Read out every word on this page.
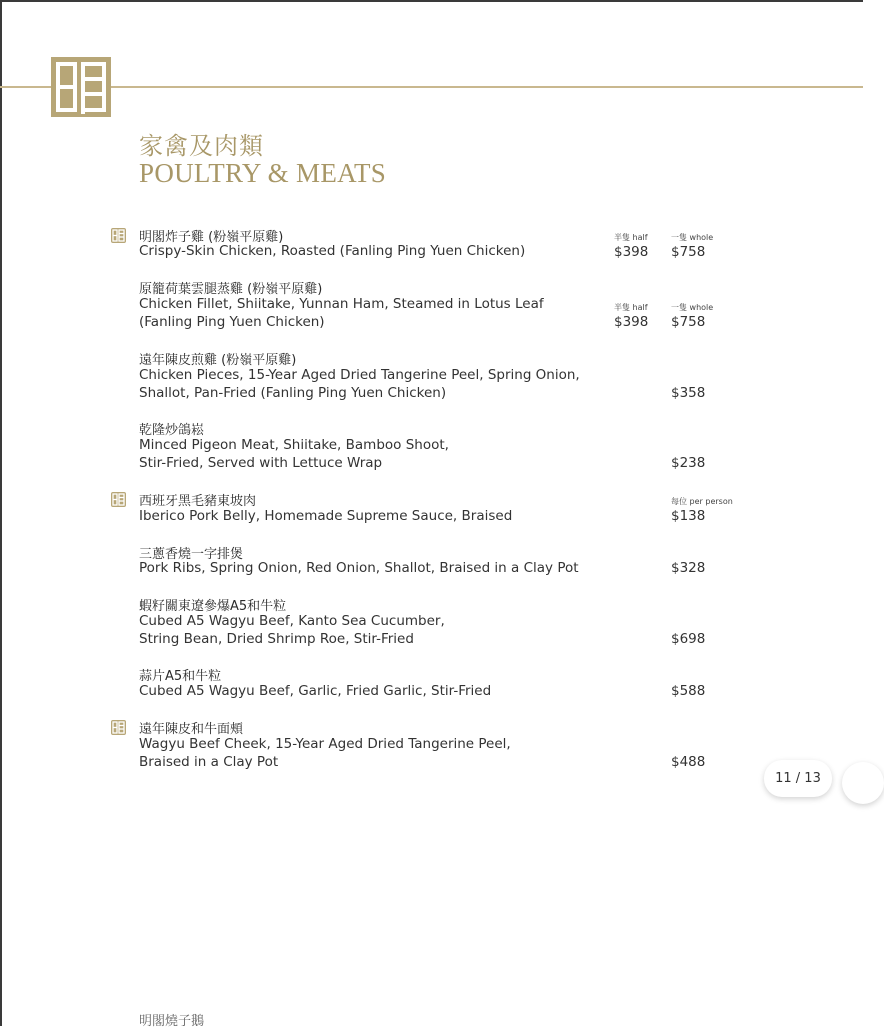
家禽及肉類
POULTRY & MEATS
明閣炸子雞 (粉嶺平原雞)
Crispy-Skin Chicken, Roasted (Fanling Ping Yuen Chicken)
半隻 half
$398
一隻 whole
$758
原籠荷葉雲腿蒸雞 (粉嶺平原雞)
Chicken Fillet, Shiitake, Yunnan Ham, Steamed in Lotus Leaf
(Fanling Ping Yuen Chicken)
半隻 half
$398
一隻 whole
$758
遠年陳皮煎雞 (粉嶺平原雞)
Chicken Pieces, 15-Year Aged Dried Tangerine Peel, Spring Onion,
Shallot, Pan-Fried (Fanling Ping Yuen Chicken)	$358
乾隆炒鴿崧
Minced Pigeon Meat, Shiitake, Bamboo Shoot,
Stir-Fried, Served with Lettuce Wrap	$238
西班牙黑毛豬東坡肉
Iberico Pork Belly, Homemade Supreme Sauce, Braised
每位 per person
$138
三蔥香燒一字排煲
Pork Ribs, Spring Onion, Red Onion, Shallot, Braised in a Clay Pot	$328
蝦籽關東遼參爆A5和牛粒
Cubed A5 Wagyu Beef, Kanto Sea Cucumber,
String Bean, Dried Shrimp Roe, Stir-Fried	$698
蒜片A5和牛粒
Cubed A5 Wagyu Beef, Garlic, Fried Garlic, Stir-Fried	$588
遠年陳皮和牛面頰
Wagyu Beef Cheek, 15-Year Aged Dried Tangerine Peel,
Braised in a Clay Pot	$488
11 / 13
明閣燒子鵝
